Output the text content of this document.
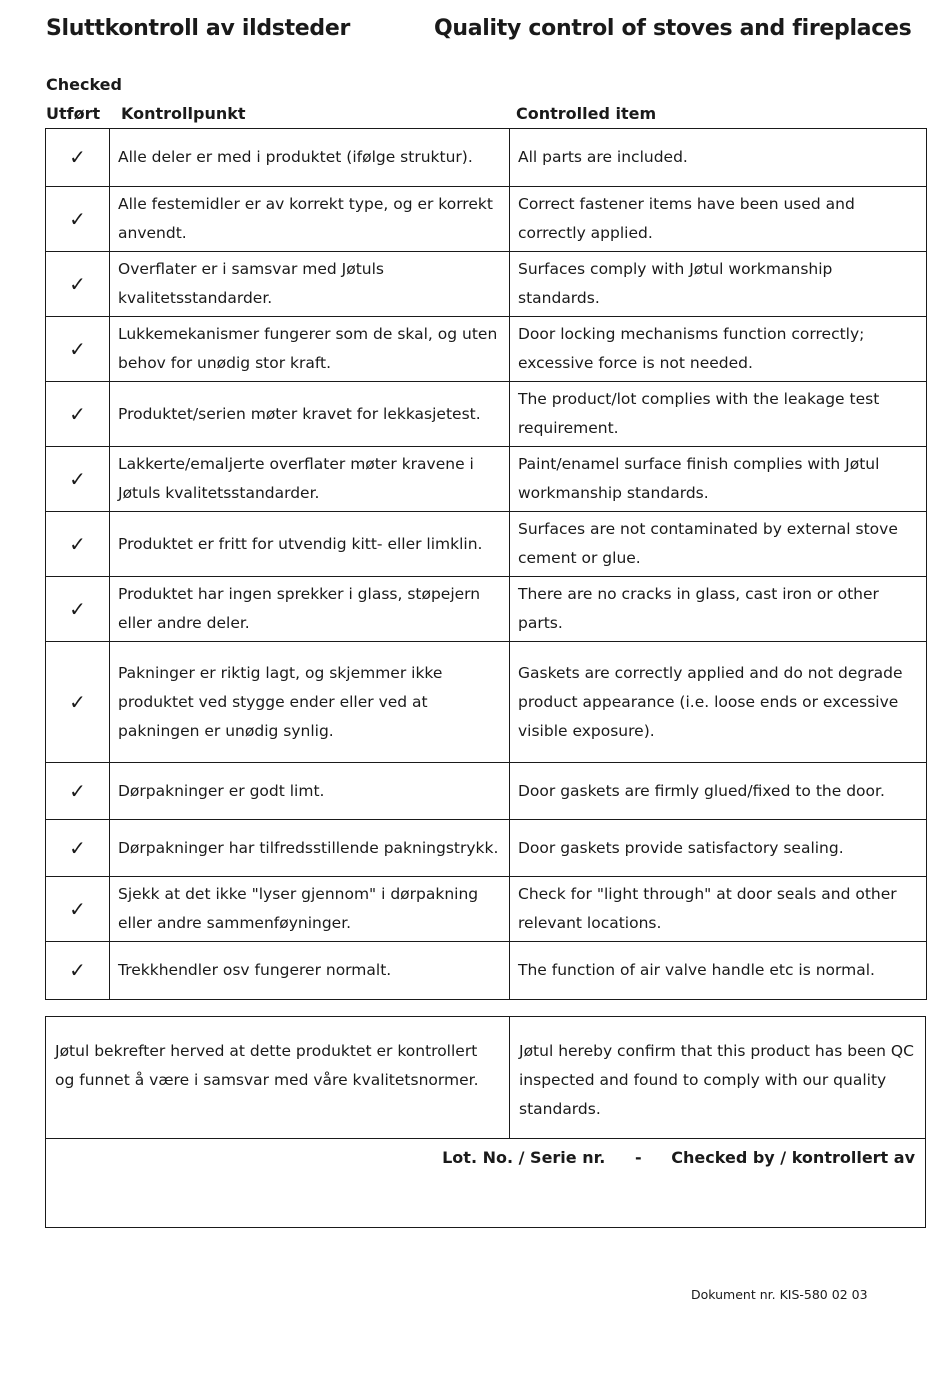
Sluttkontroll av ildsteder	Quality control of stoves and fireplaces
Checked
Utført Kontrollpunkt	Controlled item
✓	Alle deler er med i produktet (ifølge struktur).	All parts are included.
✓	Alle festemidler er av korrekt type, og er korrekt anvendt.	Correct fastener items have been used and correctly applied.
✓	Overflater er i samsvar med Jøtuls kvalitetsstandarder.	Surfaces comply with Jøtul workmanship standards.
✓	Lukkemekanismer fungerer som de skal, og uten behov for unødig stor kraft.	Door locking mechanisms function correctly; excessive force is not needed.
✓	Produktet/serien møter kravet for lekkasjetest.	The product/lot complies with the leakage test requirement.
✓	Lakkerte/emaljerte overflater møter kravene i Jøtuls kvalitetsstandarder.	Paint/enamel surface finish complies with Jøtul workmanship standards.
✓	Produktet er fritt for utvendig kitt- eller limklin.	Surfaces are not contaminated by external stove cement or glue.
✓	Produktet har ingen sprekker i glass, støpejern eller andre deler.	There are no cracks in glass, cast iron or other parts.
✓	Pakninger er riktig lagt, og skjemmer ikke produktet ved stygge ender eller ved at pakningen er unødig synlig.	Gaskets are correctly applied and do not degrade product appearance (i.e. loose ends or excessive visible exposure).
✓	Dørpakninger er godt limt.	Door gaskets are firmly glued/fixed to the door.
✓	Dørpakninger har tilfredsstillende pakningstrykk.	Door gaskets provide satisfactory sealing.
✓	Sjekk at det ikke "lyser gjennom" i dørpakning eller andre sammenføyninger.	Check for "light through" at door seals and other relevant locations.
✓	Trekkhendler osv fungerer normalt.	The function of air valve handle etc is normal.
Jøtul bekrefter herved at dette produktet er kontrollert og funnet å være i samsvar med våre kvalitetsnormer.	Jøtul hereby confirm that this product has been QC inspected and found to comply with our quality standards.
Lot. No. / Serie nr. - Checked by / kontrollert av
Dokument nr. KIS-580 02 03
